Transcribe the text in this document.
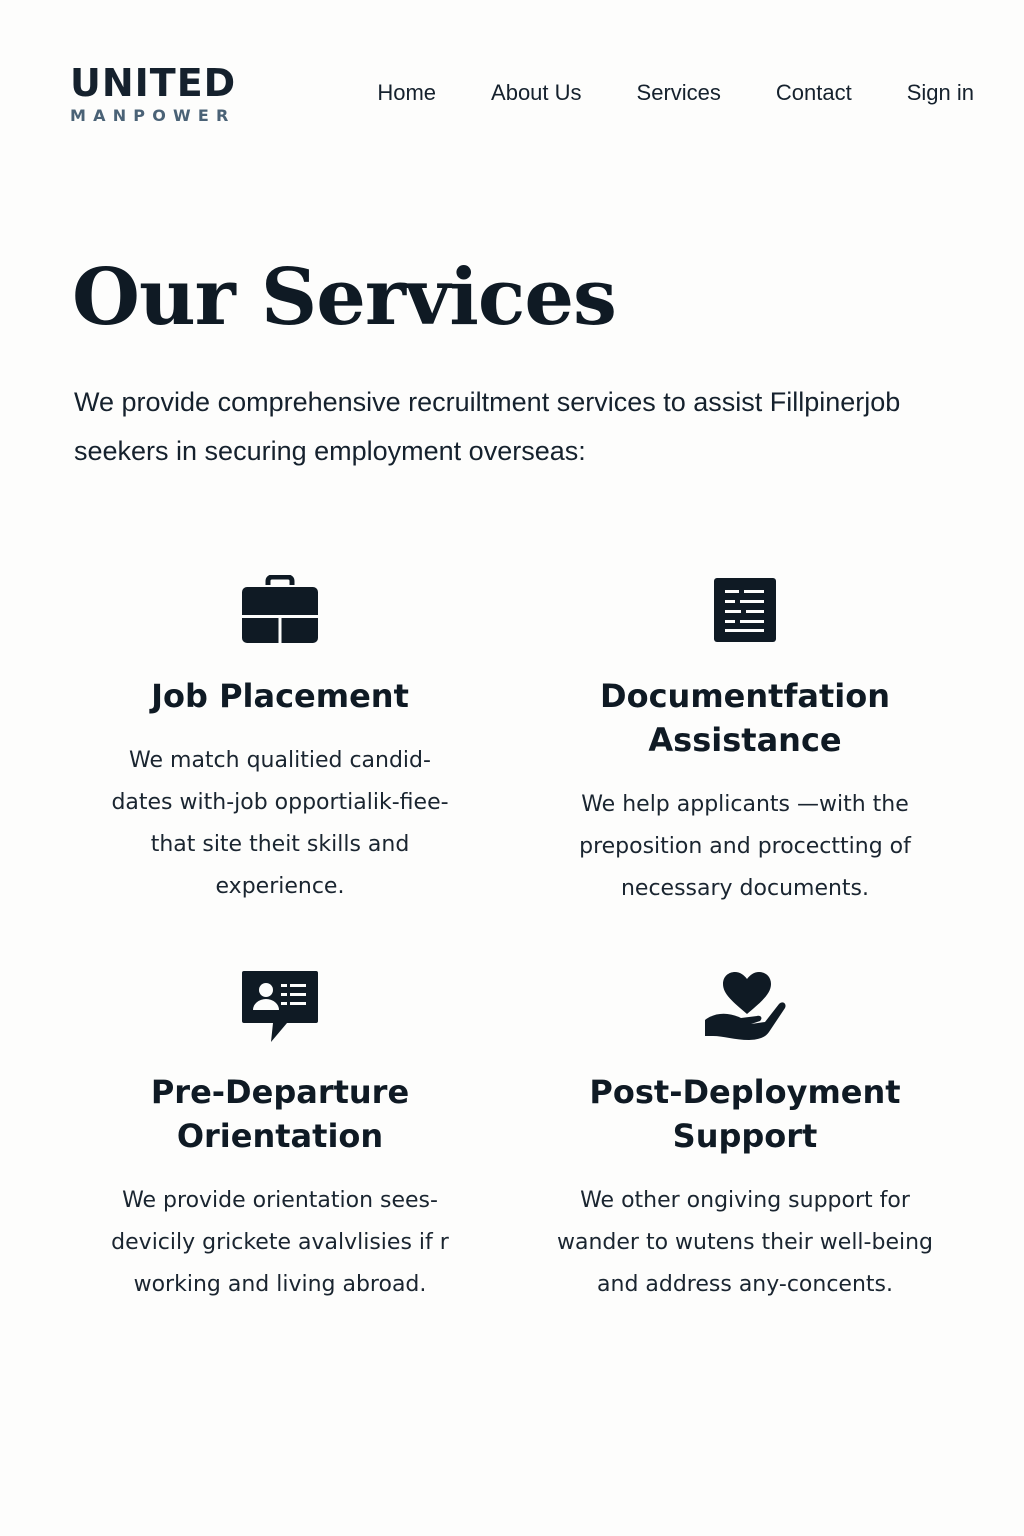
UNITED
MANPOWER
Home	About Us	Services	Contact	Sign in
Our Services

We provide comprehensive recruiltment services to assist Fillpinerjob seekers in securing employment overseas:

Job Placement

We match qualitied candid-dates with-job opportialik-fiee-that site theit skills and experience.

Documentfation Assistance

We help applicants —with the preposition and procectting of necessary documents.

Pre-Departure Orientation

We provide orientation sees-devicily grickete avalvlisies if r working and living abroad.

Post-Deployment Support

We other ongiving support for wander to wutens their well-being and address any-concents.
